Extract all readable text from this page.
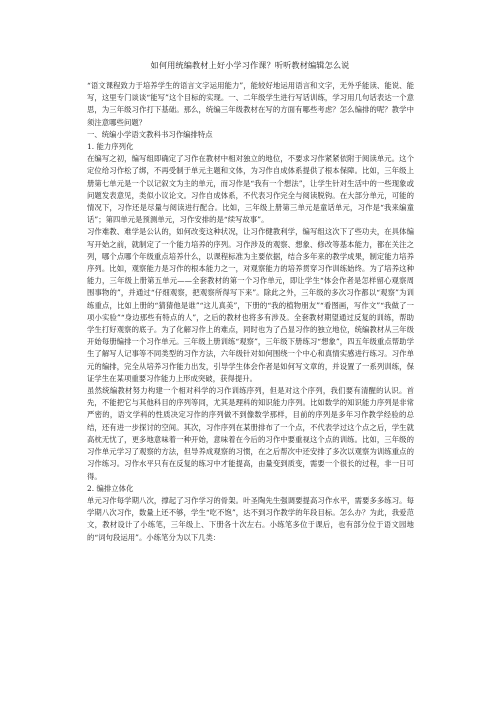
如何用统编教材上好小学习作课？听听教材编辑怎么说

“语文课程致力于培养学生的语言文字运用能力”，能较好地运用语言和文字，无外乎能读、能说、能写，这里专门谈谈“能写”这个目标的实现。一、二年级学生进行写话训练，学习用几句话表达一个意思，为三年级习作打下基础。那么，统编三年级教材在写的方面有哪些考虑？怎么编排的呢？教学中须注意哪些问题？

一、统编小学语文教科书习作编排特点

1. 能力序列化

在编写之初，编写组即确定了习作在教材中相对独立的地位，不要求习作紧紧依附于阅读单元。这个定位给习作松了绑，不再受制于单元主题和文体，为习作自成体系提供了根本保障。比如，三年级上册第七单元是一个以记叙文为主的单元，而习作是“我有一个想法”，让学生针对生活中的一些现象或问题发表意见，类似小议论文。习作自成体系，不代表习作完全与阅读脱钩。在大部分单元，可能的情况下，习作还是尽量与阅读进行配合。比如，三年级上册第三单元是童话单元，习作是“我来编童话”；第四单元是预测单元，习作安排的是“续写故事”。

习作难教、难学是公认的，如何改变这种状况，让习作健教利学，编写组这次下了些功夫，在具体编写开始之前，就制定了一个能力培养的序列。习作涉及的观察、想象、修改等基本能力，都在关注之列，哪个点哪个年级重点培养什么，以课程标准为主要依据，结合多年来的教学成果，制定能力培养序列。比如，观察能力是习作的根本能力之一，对观察能力的培养贯穿习作训练始终。为了培养这种能力，三年级上册第五单元——全套教材的第一个习作单元，即让学生“体会作者是怎样留心观察周围事物的”，并通过“仔细观察，把观察所得写下来”。除此之外，三年级的多次习作都以“观察”为训练重点，比如上册的“猜猜他是谁”“这儿真美”，下册的“我的植物朋友”“看图画，写作文”“我做了一项小实验”“身边那些有特点的人”，之后的教材也将多有涉及。全套教材期望通过反复的训练，帮助学生打好观察的底子。为了化解习作上的难点，同时也为了凸显习作的独立地位，统编教材从三年级开始每册编排一个习作单元。三年级上册训练“观察”，三年级下册练习“想象”，四五年级重点帮助学生了解写人记事等不同类型的习作方法，六年级针对如何围绕一个中心和真情实感进行练习。习作单元的编排，完全从培养习作能力出发，引导学生体会作者是如何写文章的，并设置了一系列训练，保证学生在某项重要习作能力上形成突破，获得提升。

虽然统编教材努力构建一个相对科学的习作训练序列，但是对这个序列，我们要有清醒的认识。首先，不能把它与其他科目的序列等同，尤其是理科的知识能力序列。比如数学的知识能力序列是非常严密的，语文学科的性质决定习作的序列做不到像数学那样，目前的序列是多年习作教学经验的总结，还有进一步探讨的空间。其次，习作序列在某册排布了一个点，不代表学过这个点之后，学生就高枕无忧了，更多地意味着一种开始，意味着在今后的习作中要重视这个点的训练。比如，三年级的习作单元学习了观察的方法，但导养成观察的习惯，在之后帮次中还安排了多次以观察为训练重点的习作练习。习作水平只有在反复的练习中才能提高，由量变到质变，需要一个很长的过程，非一日可得。

2. 编排立体化

单元习作每学期八次，撑起了习作学习的骨架。叶圣陶先生强调要提高习作水平，需要多多练习。每学期八次习作，数量上还不够，学生“吃不饱”，达不到习作教学的年段目标。怎么办？为此，我爱范文，教材设计了小练笔，三年级上、下册各十次左右。小练笔多位于课后，也有部分位于语文园地的“词句段运用”。小练笔分为以下几类：
